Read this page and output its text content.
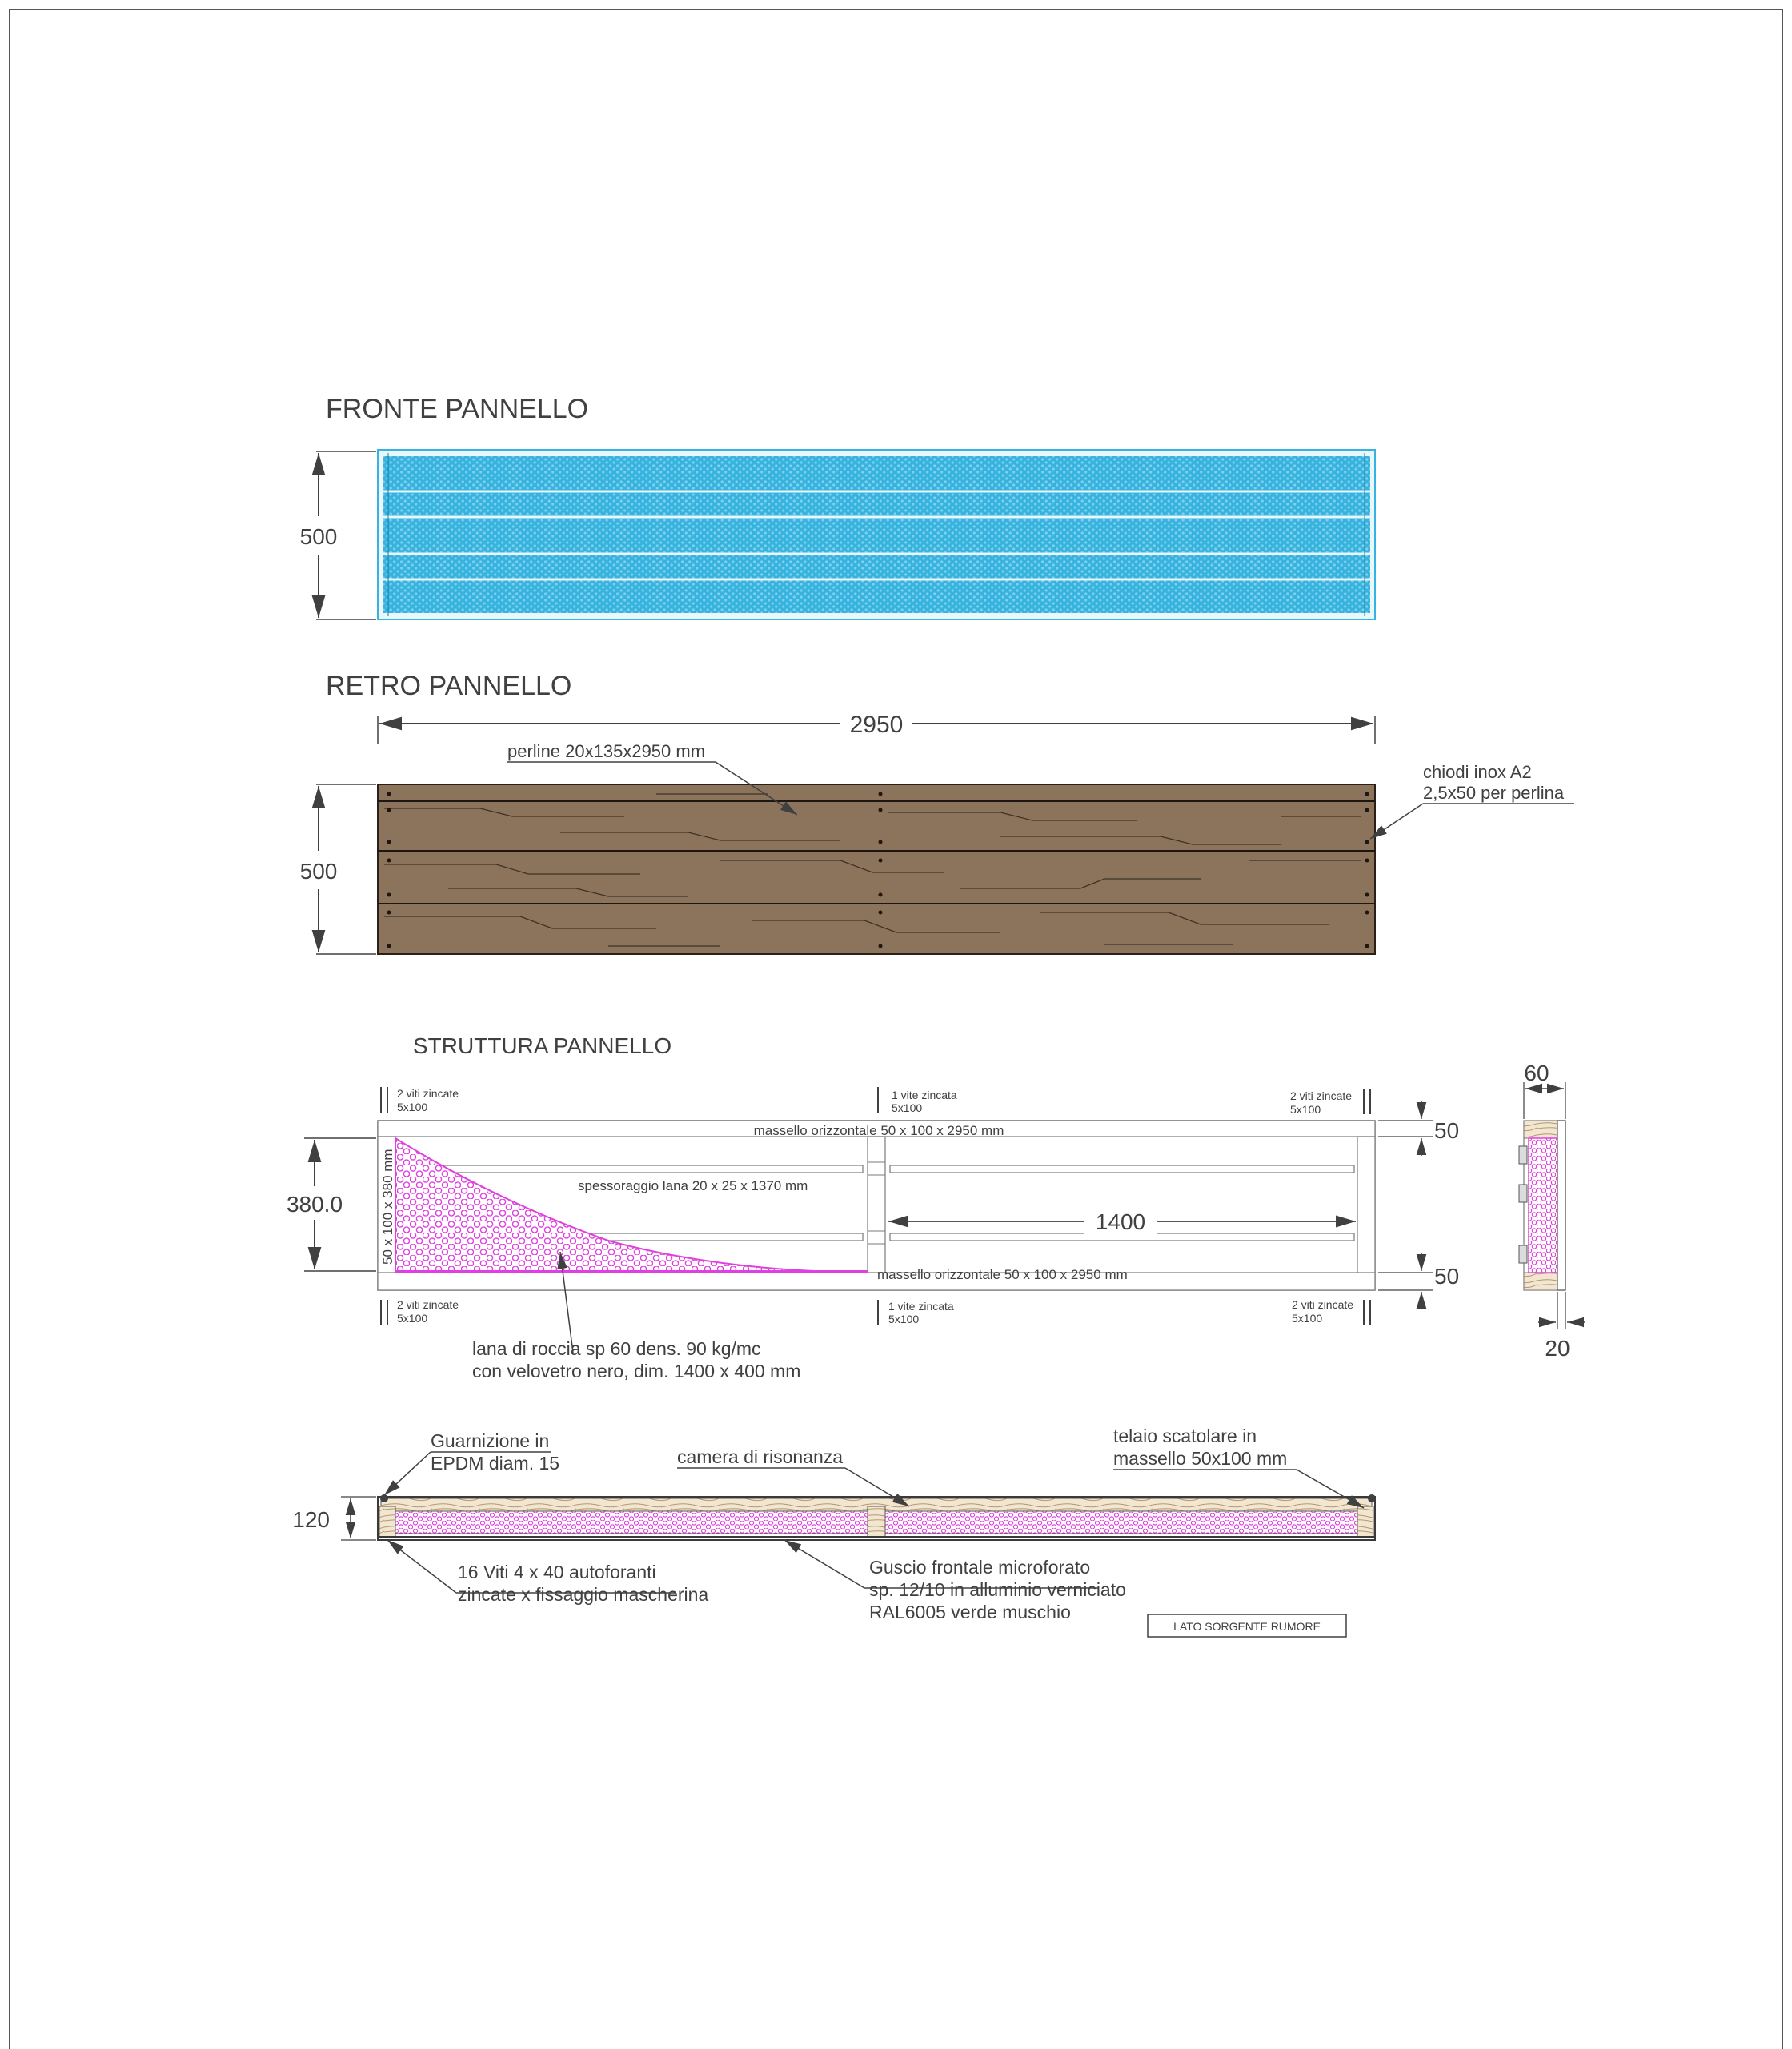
FRONTE PANNELLO
500
RETRO PANNELLO
2950
500
perline 20x135x2950 mm
chiodi inox A2
2,5x50 per perlina
STRUTTURA PANNELLO
massello orizzontale 50 x 100 x 2950 mm
massello orizzontale 50 x 100 x 2950 mm
spessoraggio lana 20 x 25 x 1370 mm
50 x 100 x 380 mm	1400
380.0
50
50
2 viti zincate
5x100
1 vite zincata
5x100
2 viti zincate
5x100
2 viti zincate
5x100
1 vite zincata
5x100
2 viti zincate
5x100
lana di roccia sp 60 dens. 90 kg/mc
con velovetro nero, dim. 1400 x 400 mm
60
20
120
Guarnizione in
EPDM diam. 15	camera di risonanza
telaio scatolare in
massello 50x100 mm
16 Viti 4 x 40 autoforanti
zincate x fissaggio mascherina
Guscio frontale microforato
sp. 12/10 in alluminio verniciato
RAL6005 verde muschio
LATO SORGENTE RUMORE
